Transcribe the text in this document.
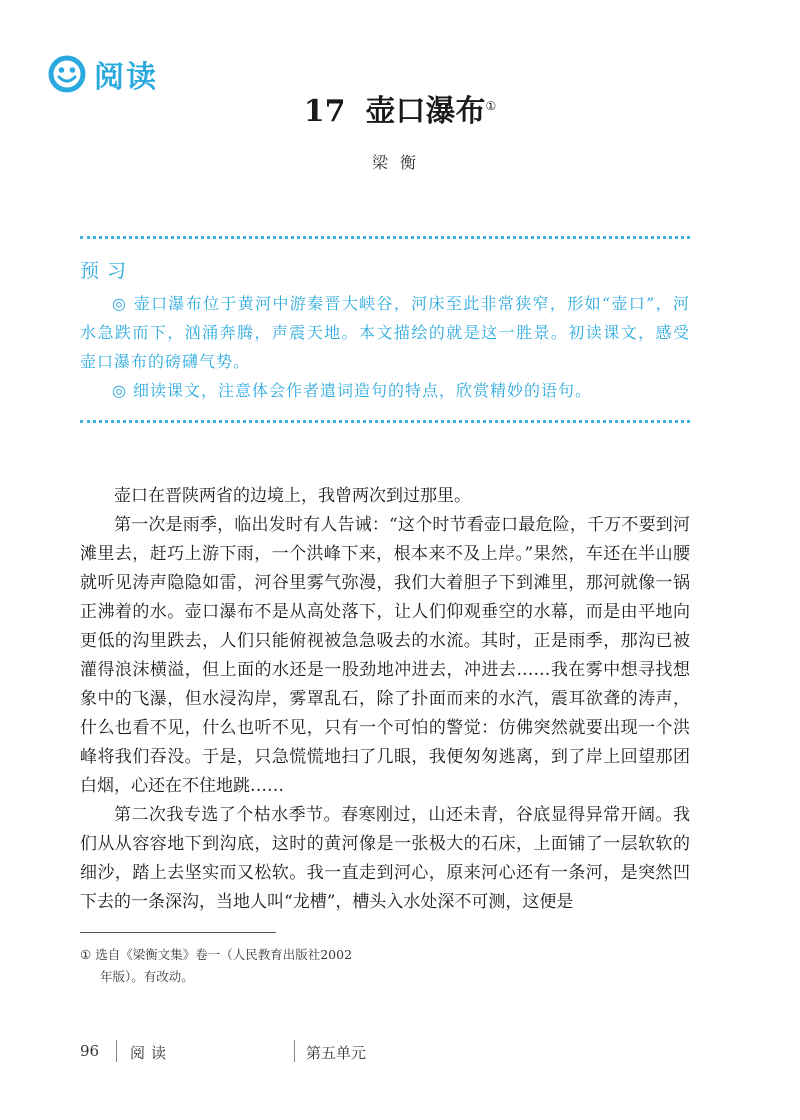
阅读
17 壶口瀑布①
梁衡
预习

◎ 壶口瀑布位于黄河中游秦晋大峡谷，河床至此非常狭窄，形如“壶口”，河水急跌而下，汹涌奔腾，声震天地。本文描绘的就是这一胜景。初读课文，感受壶口瀑布的磅礴气势。

◎ 细读课文，注意体会作者遣词造句的特点，欣赏精妙的语句。

壶口在晋陕两省的边境上，我曾两次到过那里。

第一次是雨季，临出发时有人告诫：“这个时节看壶口最危险，千万不要到河滩里去，赶巧上游下雨，一个洪峰下来，根本来不及上岸。”果然，车还在半山腰就听见涛声隐隐如雷，河谷里雾气弥漫，我们大着胆子下到滩里，那河就像一锅正沸着的水。壶口瀑布不是从高处落下，让人们仰观垂空的水幕，而是由平地向更低的沟里跌去，人们只能俯视被急急吸去的水流。其时，正是雨季，那沟已被灌得浪沫横溢，但上面的水还是一股劲地冲进去，冲进去……我在雾中想寻找想象中的飞瀑，但水浸沟岸，雾罩乱石，除了扑面而来的水汽，震耳欲聋的涛声，什么也看不见，什么也听不见，只有一个可怕的警觉：仿佛突然就要出现一个洪峰将我们吞没。于是，只急慌慌地扫了几眼，我便匆匆逃离，到了岸上回望那团白烟，心还在不住地跳……

第二次我专选了个枯水季节。春寒刚过，山还未青，谷底显得异常开阔。我们从从容容地下到沟底，这时的黄河像是一张极大的石床，上面铺了一层软软的细沙，踏上去坚实而又松软。我一直走到河心，原来河心还有一条河，是突然凹下去的一条深沟，当地人叫“龙槽”，槽头入水处深不可测，这便是

① 选自《梁衡文集》卷一（人民教育出版社2002
年版）。有改动。
96 阅读	第五单元
